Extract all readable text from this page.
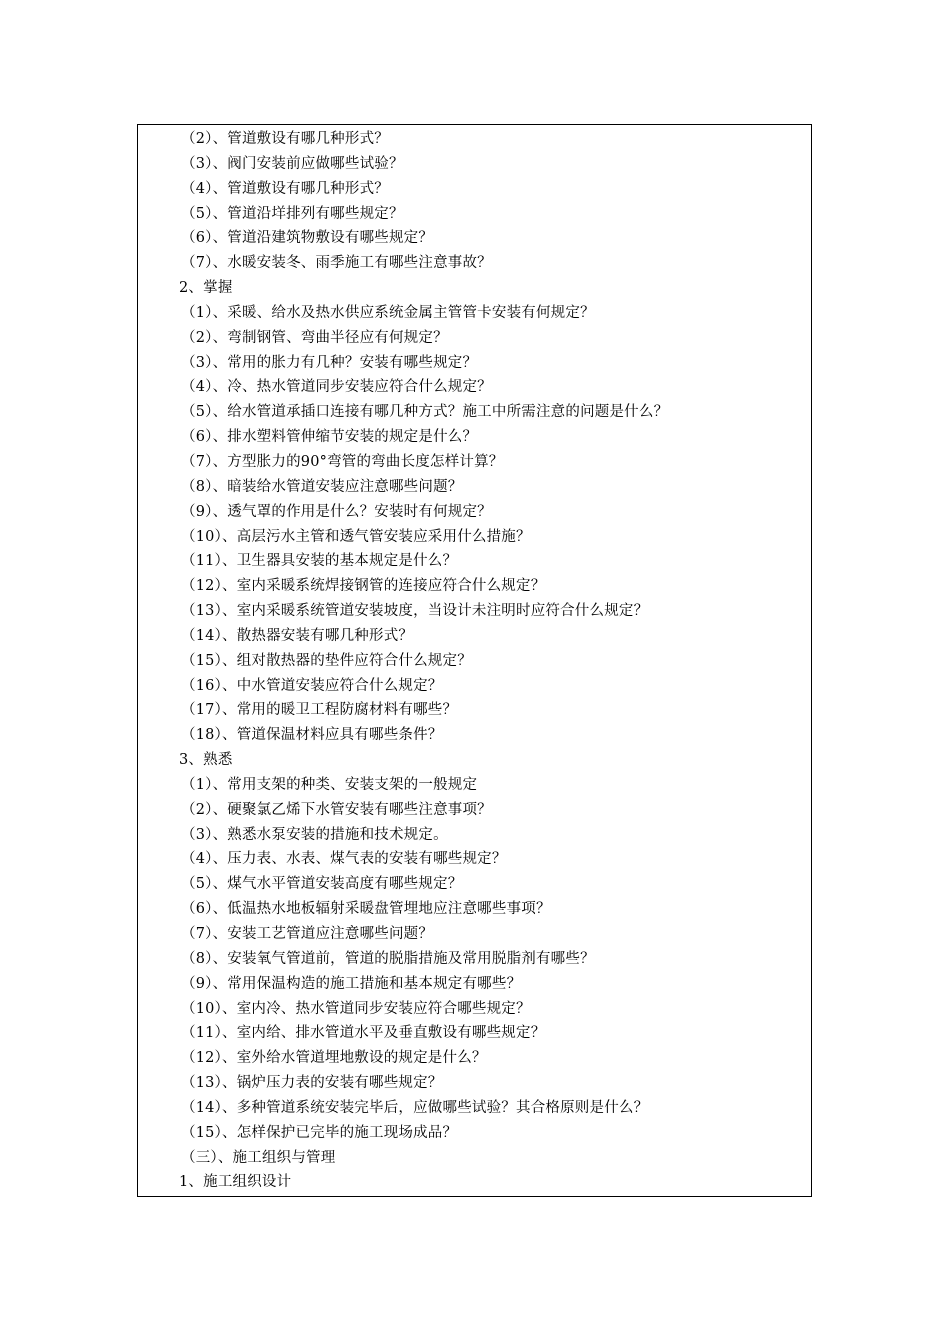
（2）、管道敷设有哪几种形式？
（3）、阀门安装前应做哪些试验？
（4）、管道敷设有哪几种形式？
（5）、管道沿垟排列有哪些规定？
（6）、管道沿建筑物敷设有哪些规定？
（7）、水暖安装冬、雨季施工有哪些注意事故？
2、掌握
（1）、采暖、给水及热水供应系统金属主管管卡安装有何规定？
（2）、弯制钢管、弯曲半径应有何规定？
（3）、常用的胀力有几种？安装有哪些规定？
（4）、冷、热水管道同步安装应符合什么规定？
（5）、给水管道承插口连接有哪几种方式？施工中所需注意的问题是什么？
（6）、排水塑料管伸缩节安装的规定是什么？
（7）、方型胀力的90°弯管的弯曲长度怎样计算？
（8）、暗装给水管道安装应注意哪些问题？
（9）、透气罩的作用是什么？安装时有何规定？
（10）、高层污水主管和透气管安装应采用什么措施？
（11）、卫生器具安装的基本规定是什么？
（12）、室内采暖系统焊接钢管的连接应符合什么规定？
（13）、室内采暖系统管道安装坡度，当设计未注明时应符合什么规定？
（14）、散热器安装有哪几种形式？
（15）、组对散热器的垫件应符合什么规定？
（16）、中水管道安装应符合什么规定？
（17）、常用的暖卫工程防腐材料有哪些？
（18）、管道保温材料应具有哪些条件？
3、熟悉
（1）、常用支架的种类、安装支架的一般规定
（2）、硬聚氯乙烯下水管安装有哪些注意事项？
（3）、熟悉水泵安装的措施和技术规定。
（4）、压力表、水表、煤气表的安装有哪些规定？
（5）、煤气水平管道安装高度有哪些规定？
（6）、低温热水地板辐射采暖盘管埋地应注意哪些事项？
（7）、安装工艺管道应注意哪些问题？
（8）、安装氧气管道前，管道的脱脂措施及常用脱脂剂有哪些？
（9）、常用保温构造的施工措施和基本规定有哪些？
（10）、室内冷、热水管道同步安装应符合哪些规定？
（11）、室内给、排水管道水平及垂直敷设有哪些规定？
（12）、室外给水管道埋地敷设的规定是什么？
（13）、锅炉压力表的安装有哪些规定？
（14）、多种管道系统安装完毕后，应做哪些试验？其合格原则是什么？
（15）、怎样保护已完毕的施工现场成品？
（三）、施工组织与管理
1、施工组织设计
